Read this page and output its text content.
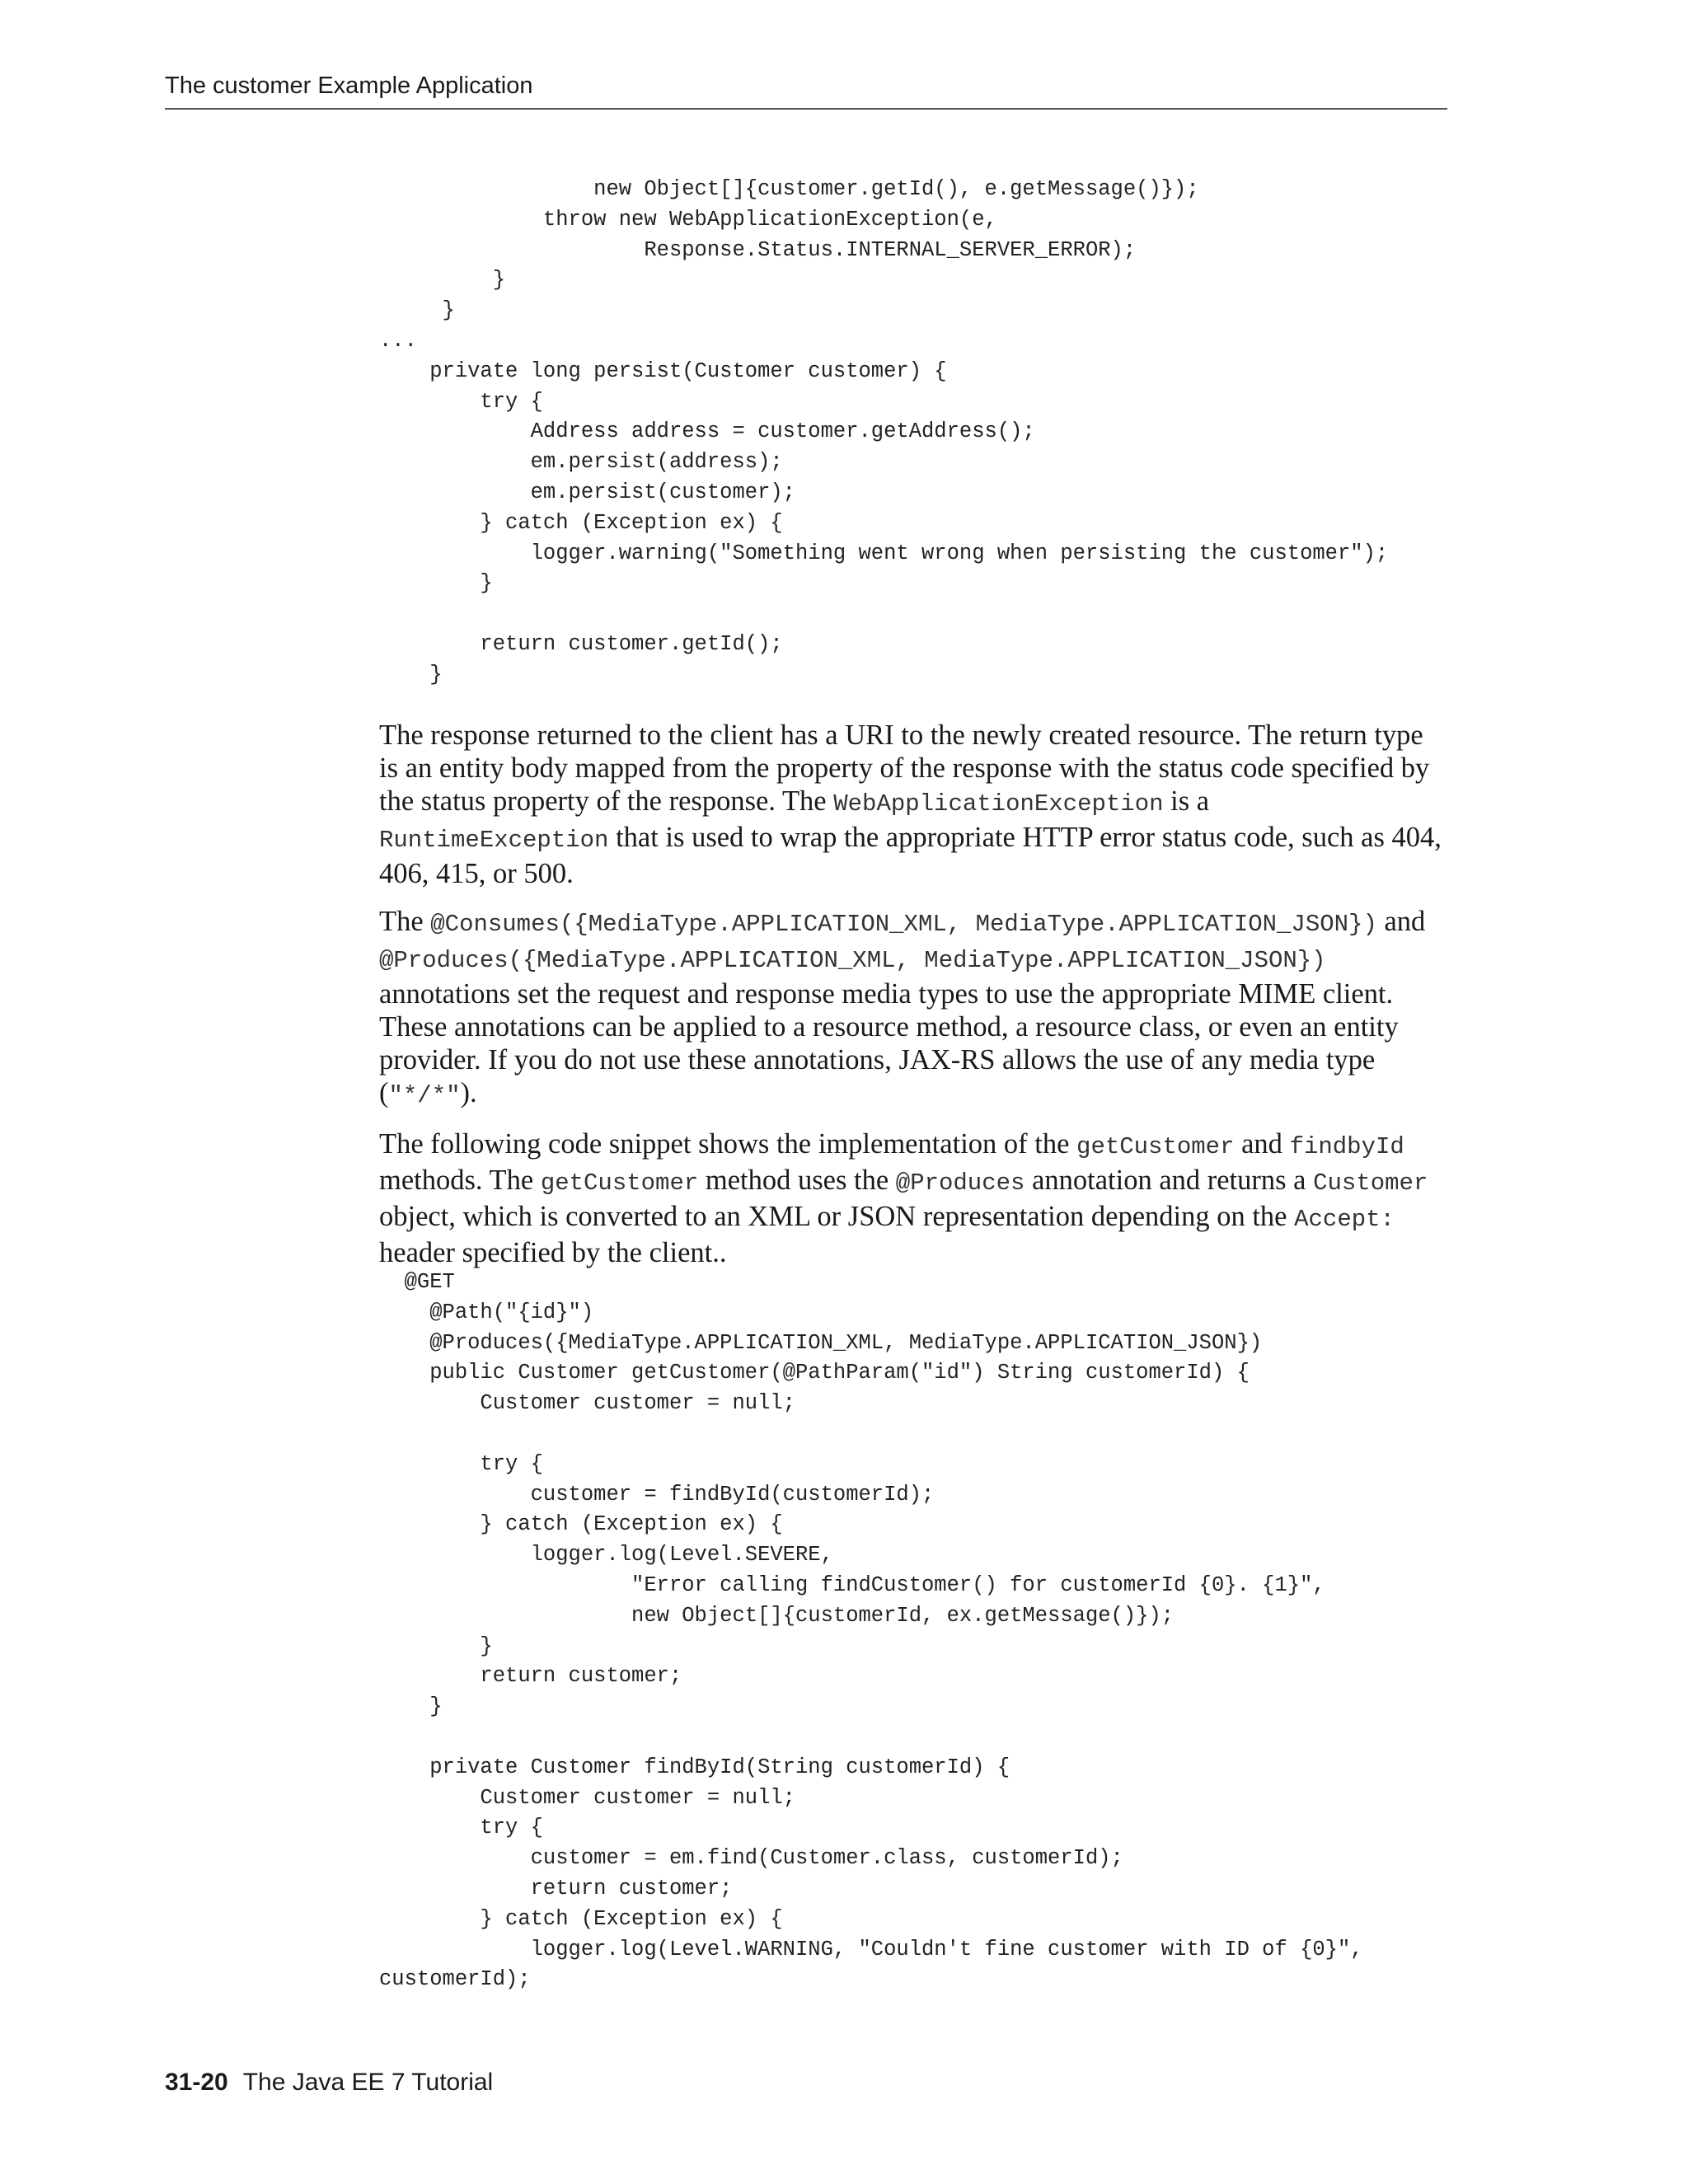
The customer Example Application
new Object[]{customer.getId(), e.getMessage()});
throw new WebApplicationException(e,
Response.Status.INTERNAL_SERVER_ERROR);
}
}
...
private long persist(Customer customer) {
try {
Address address = customer.getAddress();
em.persist(address);
em.persist(customer);
} catch (Exception ex) {
logger.warning("Something went wrong when persisting the customer");
}

return customer.getId();
}

The response returned to the client has a URI to the newly created resource. The return type is an entity body mapped from the property of the response with the status code specified by the status property of the response. The WebApplicationException is a RuntimeException that is used to wrap the appropriate HTTP error status code, such as 404, 406, 415, or 500.

The @Consumes({MediaType.APPLICATION_XML, MediaType.APPLICATION_JSON}) and @Produces({MediaType.APPLICATION_XML, MediaType.APPLICATION_JSON}) annotations set the request and response media types to use the appropriate MIME client. These annotations can be applied to a resource method, a resource class, or even an entity provider. If you do not use these annotations, JAX-RS allows the use of any media type ("*/*").

The following code snippet shows the implementation of the getCustomer and findbyId methods. The getCustomer method uses the @Produces annotation and returns a Customer object, which is converted to an XML or JSON representation depending on the Accept: header specified by the client..

@GET
@Path("{id}")
@Produces({MediaType.APPLICATION_XML, MediaType.APPLICATION_JSON})
public Customer getCustomer(@PathParam("id") String customerId) {
Customer customer = null;

try {
customer = findById(customerId);
} catch (Exception ex) {
logger.log(Level.SEVERE,
"Error calling findCustomer() for customerId {0}. {1}",
new Object[]{customerId, ex.getMessage()});
}
return customer;
}

private Customer findById(String customerId) {
Customer customer = null;
try {
customer = em.find(Customer.class, customerId);
return customer;
} catch (Exception ex) {
logger.log(Level.WARNING, "Couldn't fine customer with ID of {0}",
customerId);
31-20 The Java EE 7 Tutorial
